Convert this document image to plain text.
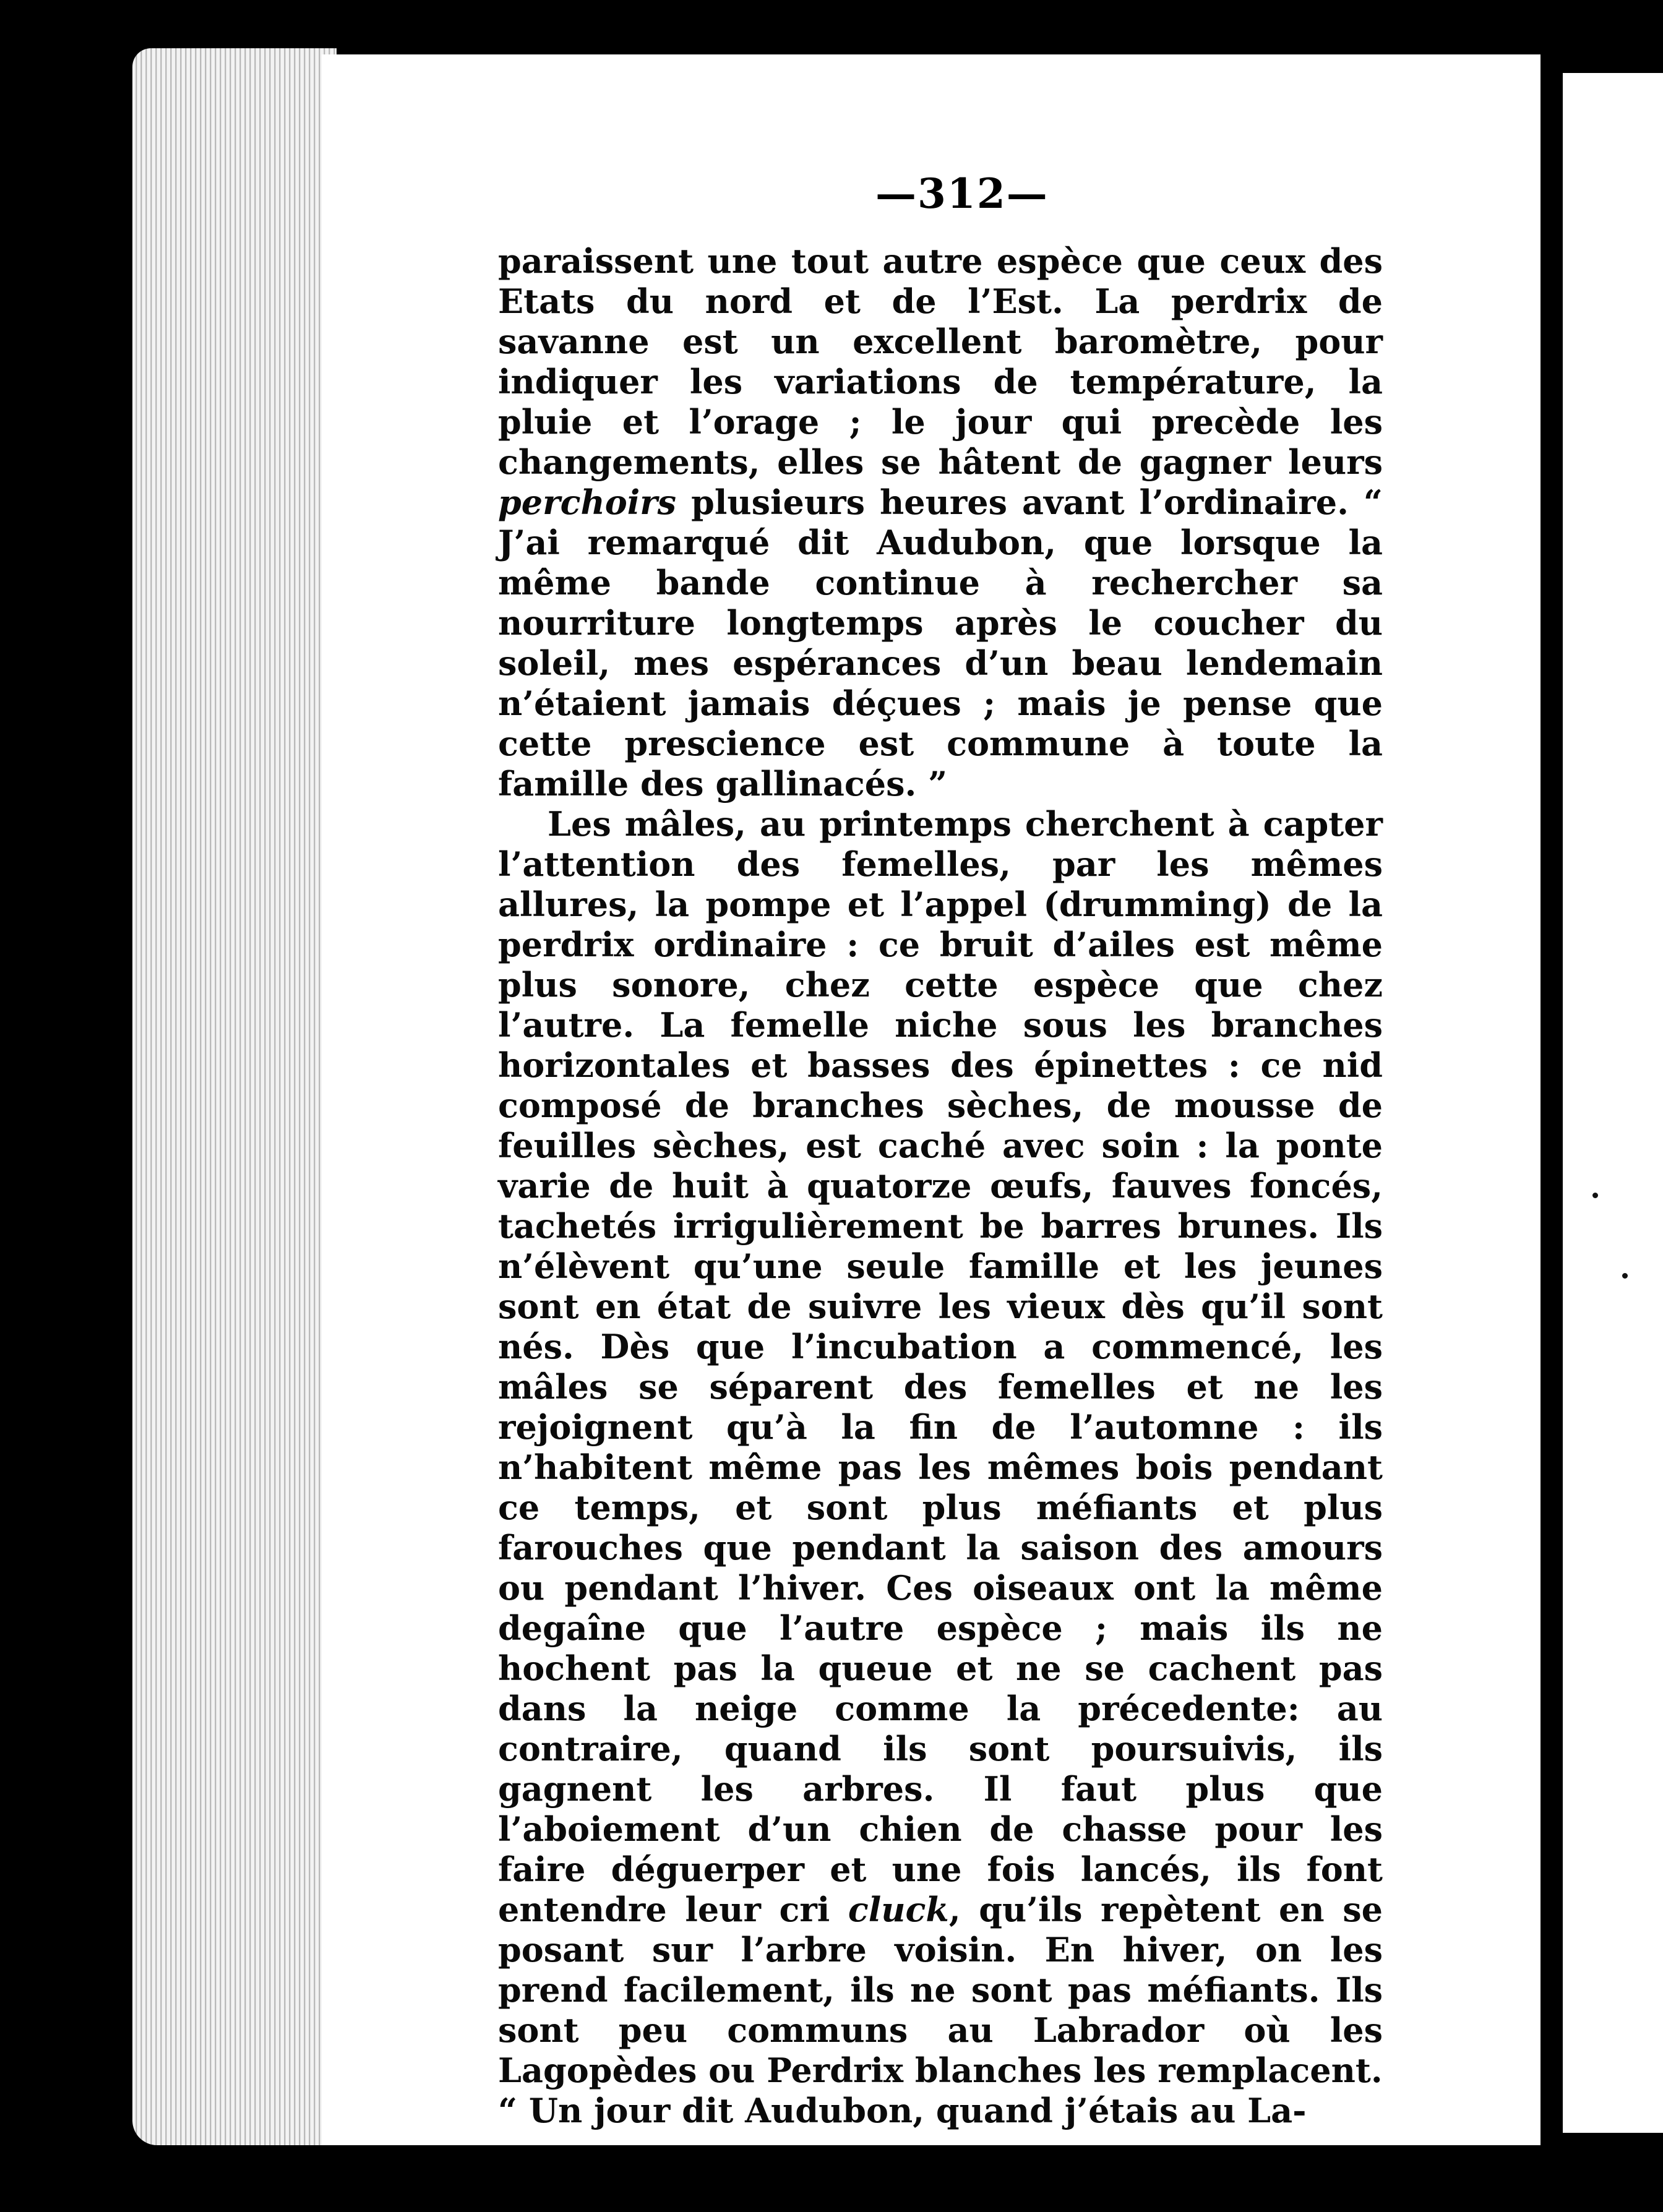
—312—

paraissent une tout autre espèce que ceux des Etats du nord et de l’Est. La perdrix de savanne est un excellent baromètre, pour indiquer les variations de température, la pluie et l’orage ; le jour qui precède les changements, elles se hâtent de gagner leurs perchoirs plusieurs heures avant l’ordinaire. “ J’ai remarqué dit Audubon, que lorsque la même bande continue à rechercher sa nourriture longtemps après le coucher du soleil, mes espérances d’un beau lendemain n’étaient jamais déçues ; mais je pense que cette prescience est commune à toute la famille des gallinacés. ”

Les mâles, au printemps cherchent à capter l’attention des femelles, par les mêmes allures, la pompe et l’appel (drumming) de la perdrix ordinaire : ce bruit d’ailes est même plus sonore, chez cette espèce que chez l’autre. La femelle niche sous les branches horizontales et basses des épinettes : ce nid composé de branches sèches, de mousse de feuilles sèches, est caché avec soin : la ponte varie de huit à quatorze œufs, fauves foncés, tachetés irrigulièrement be barres brunes. Ils n’élèvent qu’une seule famille et les jeunes sont en état de suivre les vieux dès qu’il sont nés. Dès que l’incubation a commencé, les mâles se séparent des femelles et ne les rejoignent qu’à la fin de l’automne : ils n’habitent même pas les mêmes bois pendant ce temps, et sont plus méfiants et plus farouches que pendant la saison des amours ou pendant l’hiver. Ces oiseaux ont la même degaîne que l’autre espèce ; mais ils ne hochent pas la queue et ne se cachent pas dans la neige comme la précedente: au contraire, quand ils sont poursuivis, ils gagnent les arbres. Il faut plus que l’aboiement d’un chien de chasse pour les faire déguerper et une fois lancés, ils font entendre leur cri cluck, qu’ils repètent en se posant sur l’arbre voisin. En hiver, on les prend facilement, ils ne sont pas méfiants. Ils sont peu communs au Labrador où les Lagopèdes ou Perdrix blanches les remplacent.

“ Un jour dit Audubon, quand j’étais au La-
